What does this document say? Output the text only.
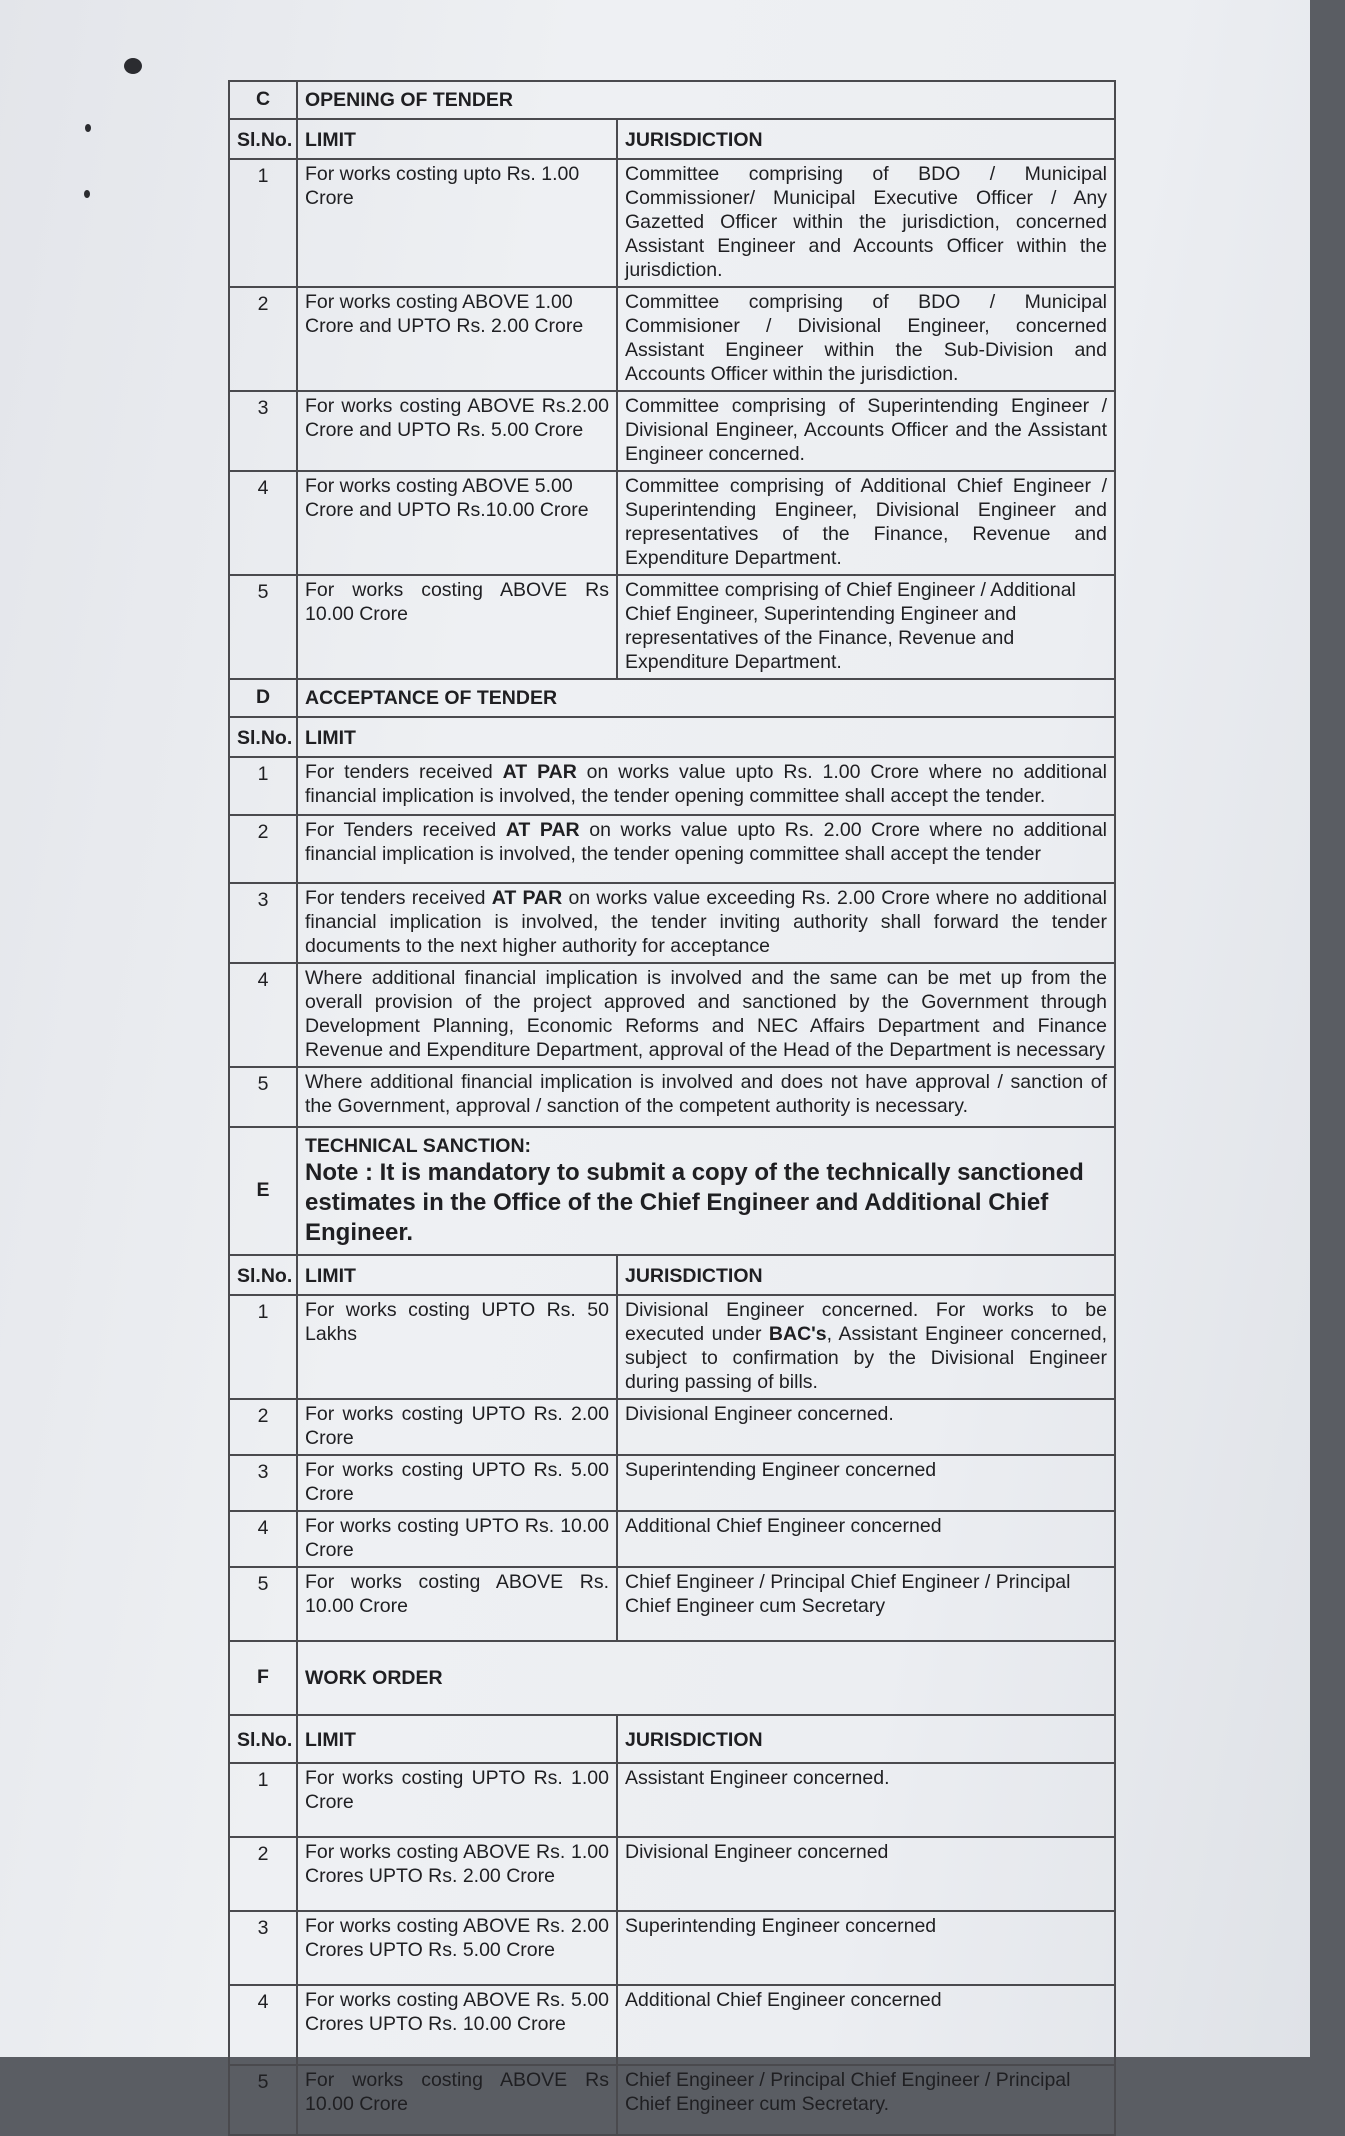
C	OPENING OF TENDER	
Sl.No.	LIMIT	JURISDICTION
1	For works costing upto Rs. 1.00 Crore	Committee comprising of BDO / Municipal Commissioner/ Municipal Executive Officer / Any Gazetted Officer within the jurisdiction, concerned Assistant Engineer and Accounts Officer within the jurisdiction.
2	For works costing ABOVE 1.00 Crore and UPTO Rs. 2.00 Crore	Committee comprising of BDO / Municipal Commisioner / Divisional Engineer, concerned Assistant Engineer within the Sub-Division and Accounts Officer within the jurisdiction.
3	For works costing ABOVE Rs.2.00 Crore and UPTO Rs. 5.00 Crore	Committee comprising of Superintending Engineer / Divisional Engineer, Accounts Officer and the Assistant Engineer concerned.
4	For works costing ABOVE 5.00 Crore and UPTO Rs.10.00 Crore	Committee comprising of Additional Chief Engineer / Superintending Engineer, Divisional Engineer and representatives of the Finance, Revenue and Expenditure Department.
5	For works costing ABOVE Rs 10.00 Crore	Committee comprising of Chief Engineer / Additional Chief Engineer, Superintending Engineer and representatives of the Finance, Revenue and Expenditure Department.
D	ACCEPTANCE OF TENDER	
Sl.No.	LIMIT	
1	For tenders received AT PAR on works value upto Rs. 1.00 Crore where no additional financial implication is involved, the tender opening committee shall accept the tender.	
2	For Tenders received AT PAR on works value upto Rs. 2.00 Crore where no additional financial implication is involved, the tender opening committee shall accept the tender	
3	For tenders received AT PAR on works value exceeding Rs. 2.00 Crore where no additional financial implication is involved, the tender inviting authority shall forward the tender documents to the next higher authority for acceptance	
4	Where additional financial implication is involved and the same can be met up from the overall provision of the project approved and sanctioned by the Government through Development Planning, Economic Reforms and NEC Affairs Department and Finance Revenue and Expenditure Department, approval of the Head of the Department is necessary	
5	Where additional financial implication is involved and does not have approval / sanction of the Government, approval / sanction of the competent authority is necessary.	
E	TECHNICAL SANCTION:
Note : It is mandatory to submit a copy of the technically sanctioned estimates in the Office of the Chief Engineer and Additional Chief Engineer.	

Sl.No.	LIMIT	JURISDICTION
1	For works costing UPTO Rs. 50 Lakhs	Divisional Engineer concerned. For works to be executed under BAC's, Assistant Engineer concerned, subject to confirmation by the Divisional Engineer during passing of bills.
2	For works costing UPTO Rs. 2.00 Crore	Divisional Engineer concerned.
3	For works costing UPTO Rs. 5.00 Crore	Superintending Engineer concerned
4	For works costing UPTO Rs. 10.00 Crore	Additional Chief Engineer concerned
5	For works costing ABOVE Rs. 10.00 Crore	Chief Engineer / Principal Chief Engineer / Principal Chief Engineer cum Secretary
F	WORK ORDER	
Sl.No.	LIMIT	JURISDICTION
1	For works costing UPTO Rs. 1.00 Crore	Assistant Engineer concerned.
2	For works costing ABOVE Rs. 1.00 Crores UPTO Rs. 2.00 Crore	Divisional Engineer concerned
3	For works costing ABOVE Rs. 2.00 Crores UPTO Rs. 5.00 Crore	Superintending Engineer concerned
4	For works costing ABOVE Rs. 5.00 Crores UPTO Rs. 10.00 Crore	Additional Chief Engineer concerned
5	For works costing ABOVE Rs 10.00 Crore	Chief Engineer / Principal Chief Engineer / Principal Chief Engineer cum Secretary.
